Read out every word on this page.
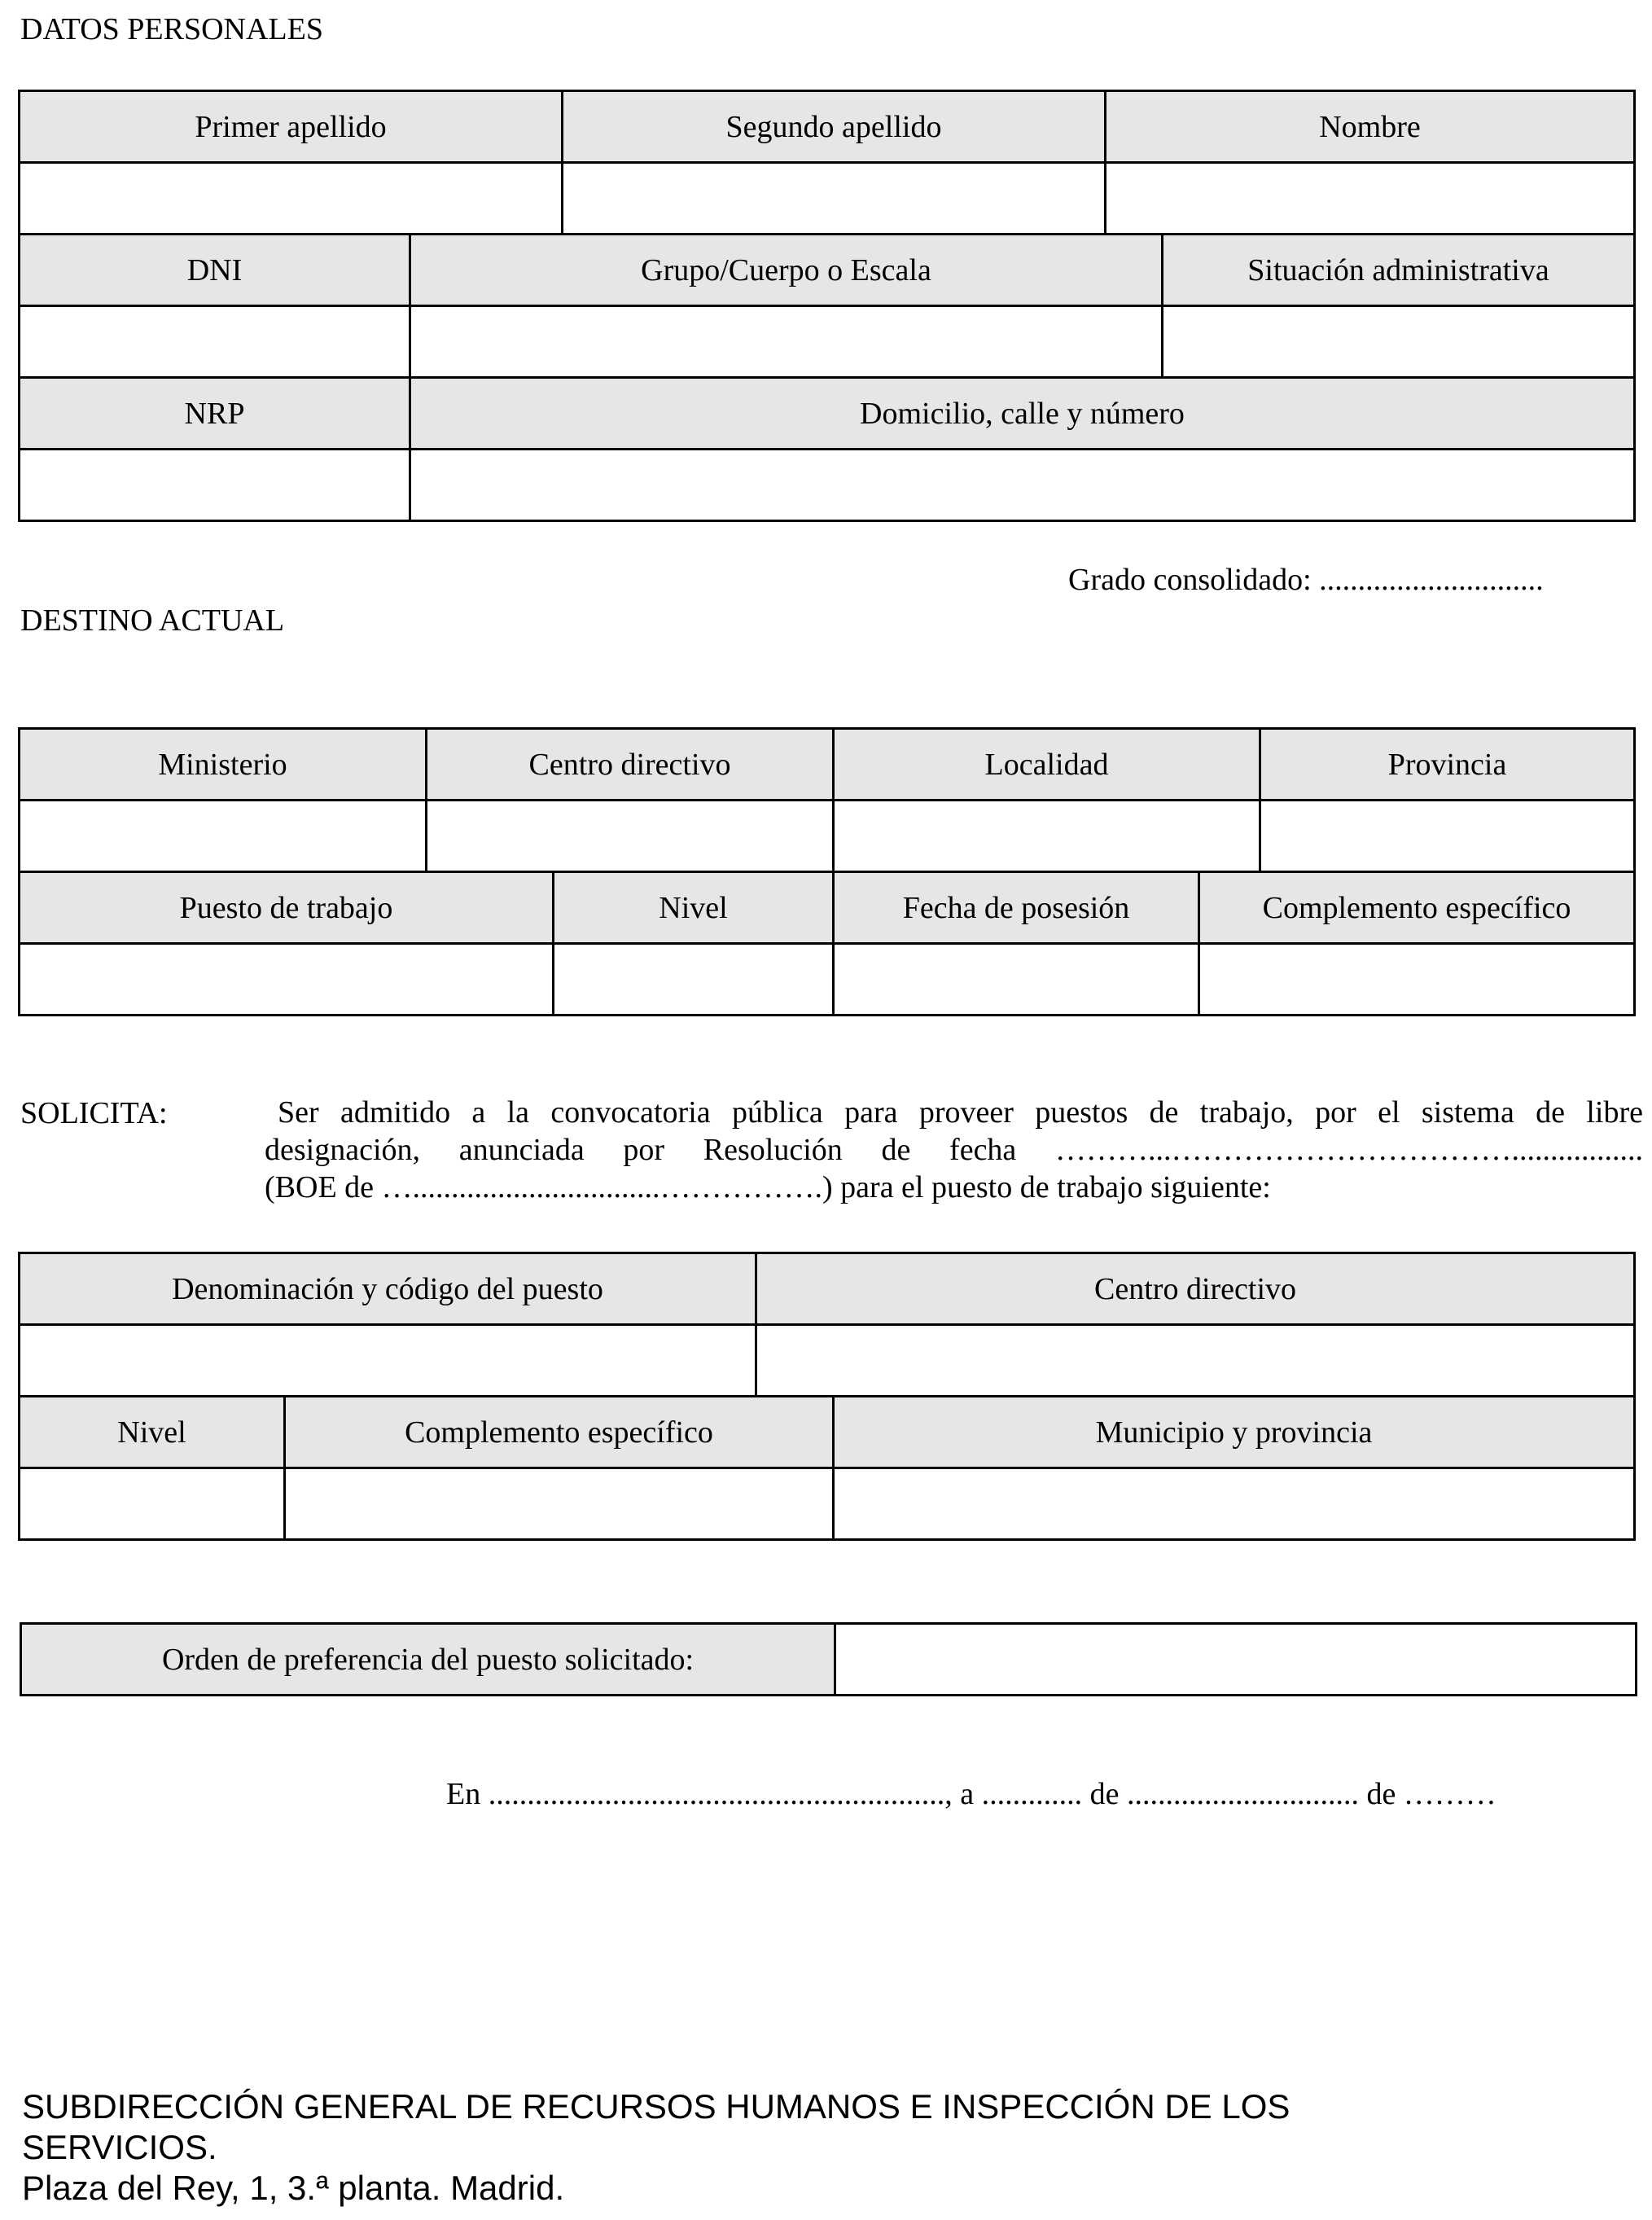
DATOS PERSONALES
Primer apellido		Segundo apellido	Nombre	

DNI	Grupo/Cuerpo o Escala			Situación administrativa

NRP	Domicilio, calle y número			

Grado consolidado: .............................
DESTINO ACTUAL
Ministerio	Centro directivo		Localidad		Provincia

Puesto de trabajo		Nivel	Fecha de posesión	Complemento específico	

SOLICITA:	Ser admitido a la convocatoria pública para proveer puestos de trabajo, por el sistema de libre
designación, anunciada por Resolución de fecha ………...…………………………….................
(BOE de …................................…………….) para el puesto de trabajo siguiente:
Denominación y código del puesto		Centro directivo	

Nivel	Complemento específico		Municipio y provincia

Orden de preferencia del puesto solicitado:	
En ..........................................................., a ............. de .............................. de ………
SUBDIRECCIÓN GENERAL DE RECURSOS HUMANOS E INSPECCIÓN DE LOS
SERVICIOS.
Plaza del Rey, 1, 3.ª planta. Madrid.
